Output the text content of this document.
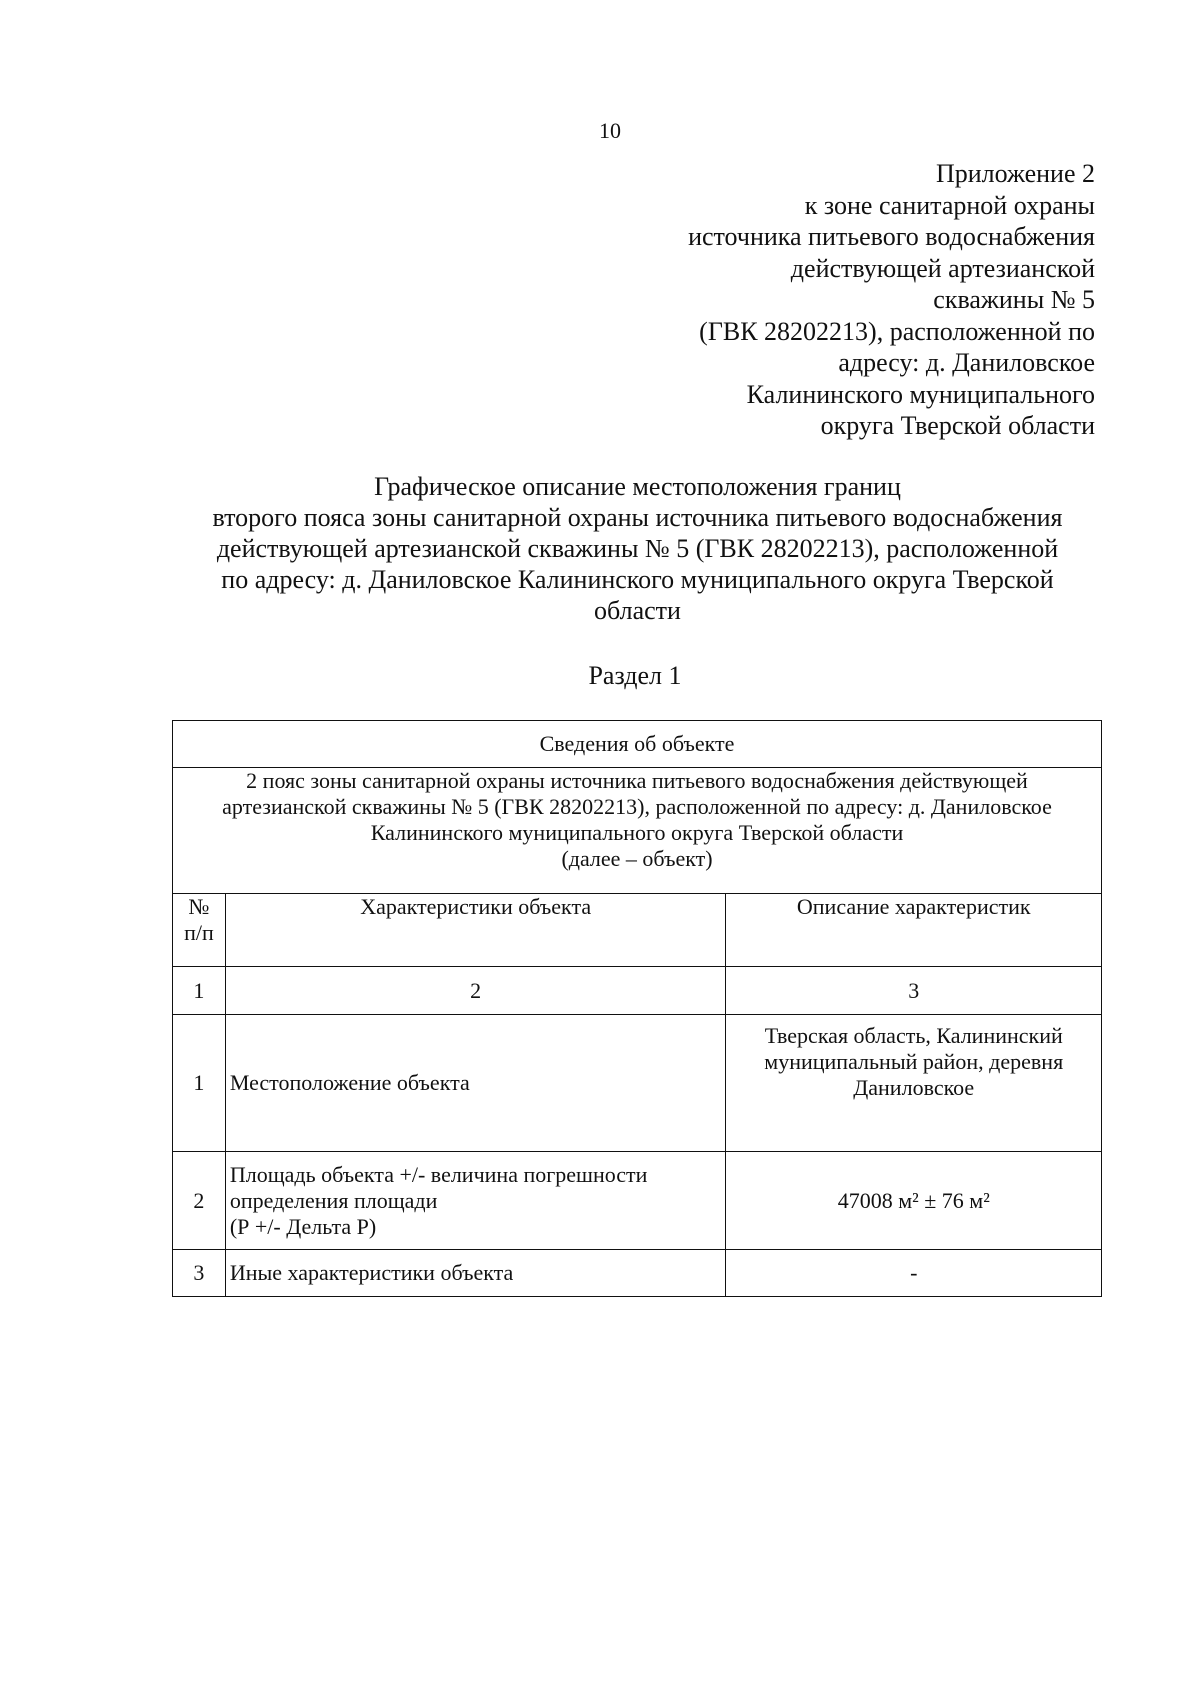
10
Приложение 2
к зоне санитарной охраны
источника питьевого водоснабжения
действующей артезианской
скважины № 5
(ГВК 28202213), расположенной по
адресу: д. Даниловское
Калининского муниципального
округа Тверской области
Графическое описание местоположения границ
второго пояса зоны санитарной охраны источника питьевого водоснабжения
действующей артезианской скважины № 5 (ГВК 28202213), расположенной
по адресу: д. Даниловское Калининского муниципального округа Тверской
области
Раздел 1
Сведения об объекте		

2 пояс зоны санитарной охраны источника питьевого водоснабжения действующей
артезианской скважины № 5 (ГВК 28202213), расположенной по адресу: д. Даниловское
Калининского муниципального округа Тверской области
(далее – объект)		

№
п/п	Характеристики объекта	Описание характеристик
1	2	3
1	Местоположение объекта	Тверская область, Калининский
муниципальный район, деревня
Даниловское

2	Площадь объекта +/- величина погрешности
определения площади
(Р +/- Дельта Р)	47008 м² ± 76 м²
3	Иные характеристики объекта	-
